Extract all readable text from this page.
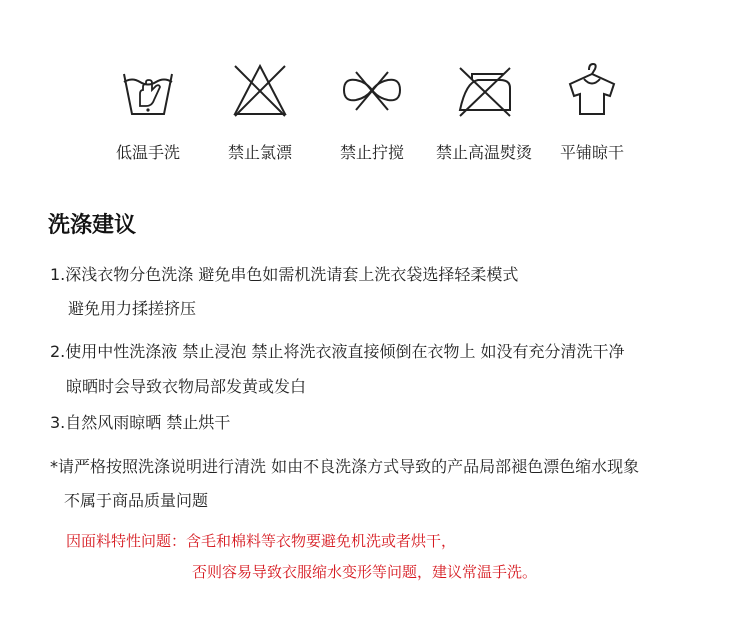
低温手洗	禁止氯漂	禁止拧搅	禁止高温熨烫	平铺晾干
洗涤建议

1.深浅衣物分色洗涤 避免串色如需机洗请套上洗衣袋选择轻柔模式

避免用力揉搓挤压

2.使用中性洗涤液 禁止浸泡 禁止将洗衣液直接倾倒在衣物上 如没有充分清洗干净

晾晒时会导致衣物局部发黄或发白

3.自然风雨晾晒 禁止烘干

*请严格按照洗涤说明进行清洗 如由不良洗涤方式导致的产品局部褪色漂色缩水现象

不属于商品质量问题

因面料特性问题：含毛和棉料等衣物要避免机洗或者烘干，

否则容易导致衣服缩水变形等问题，建议常温手洗。
